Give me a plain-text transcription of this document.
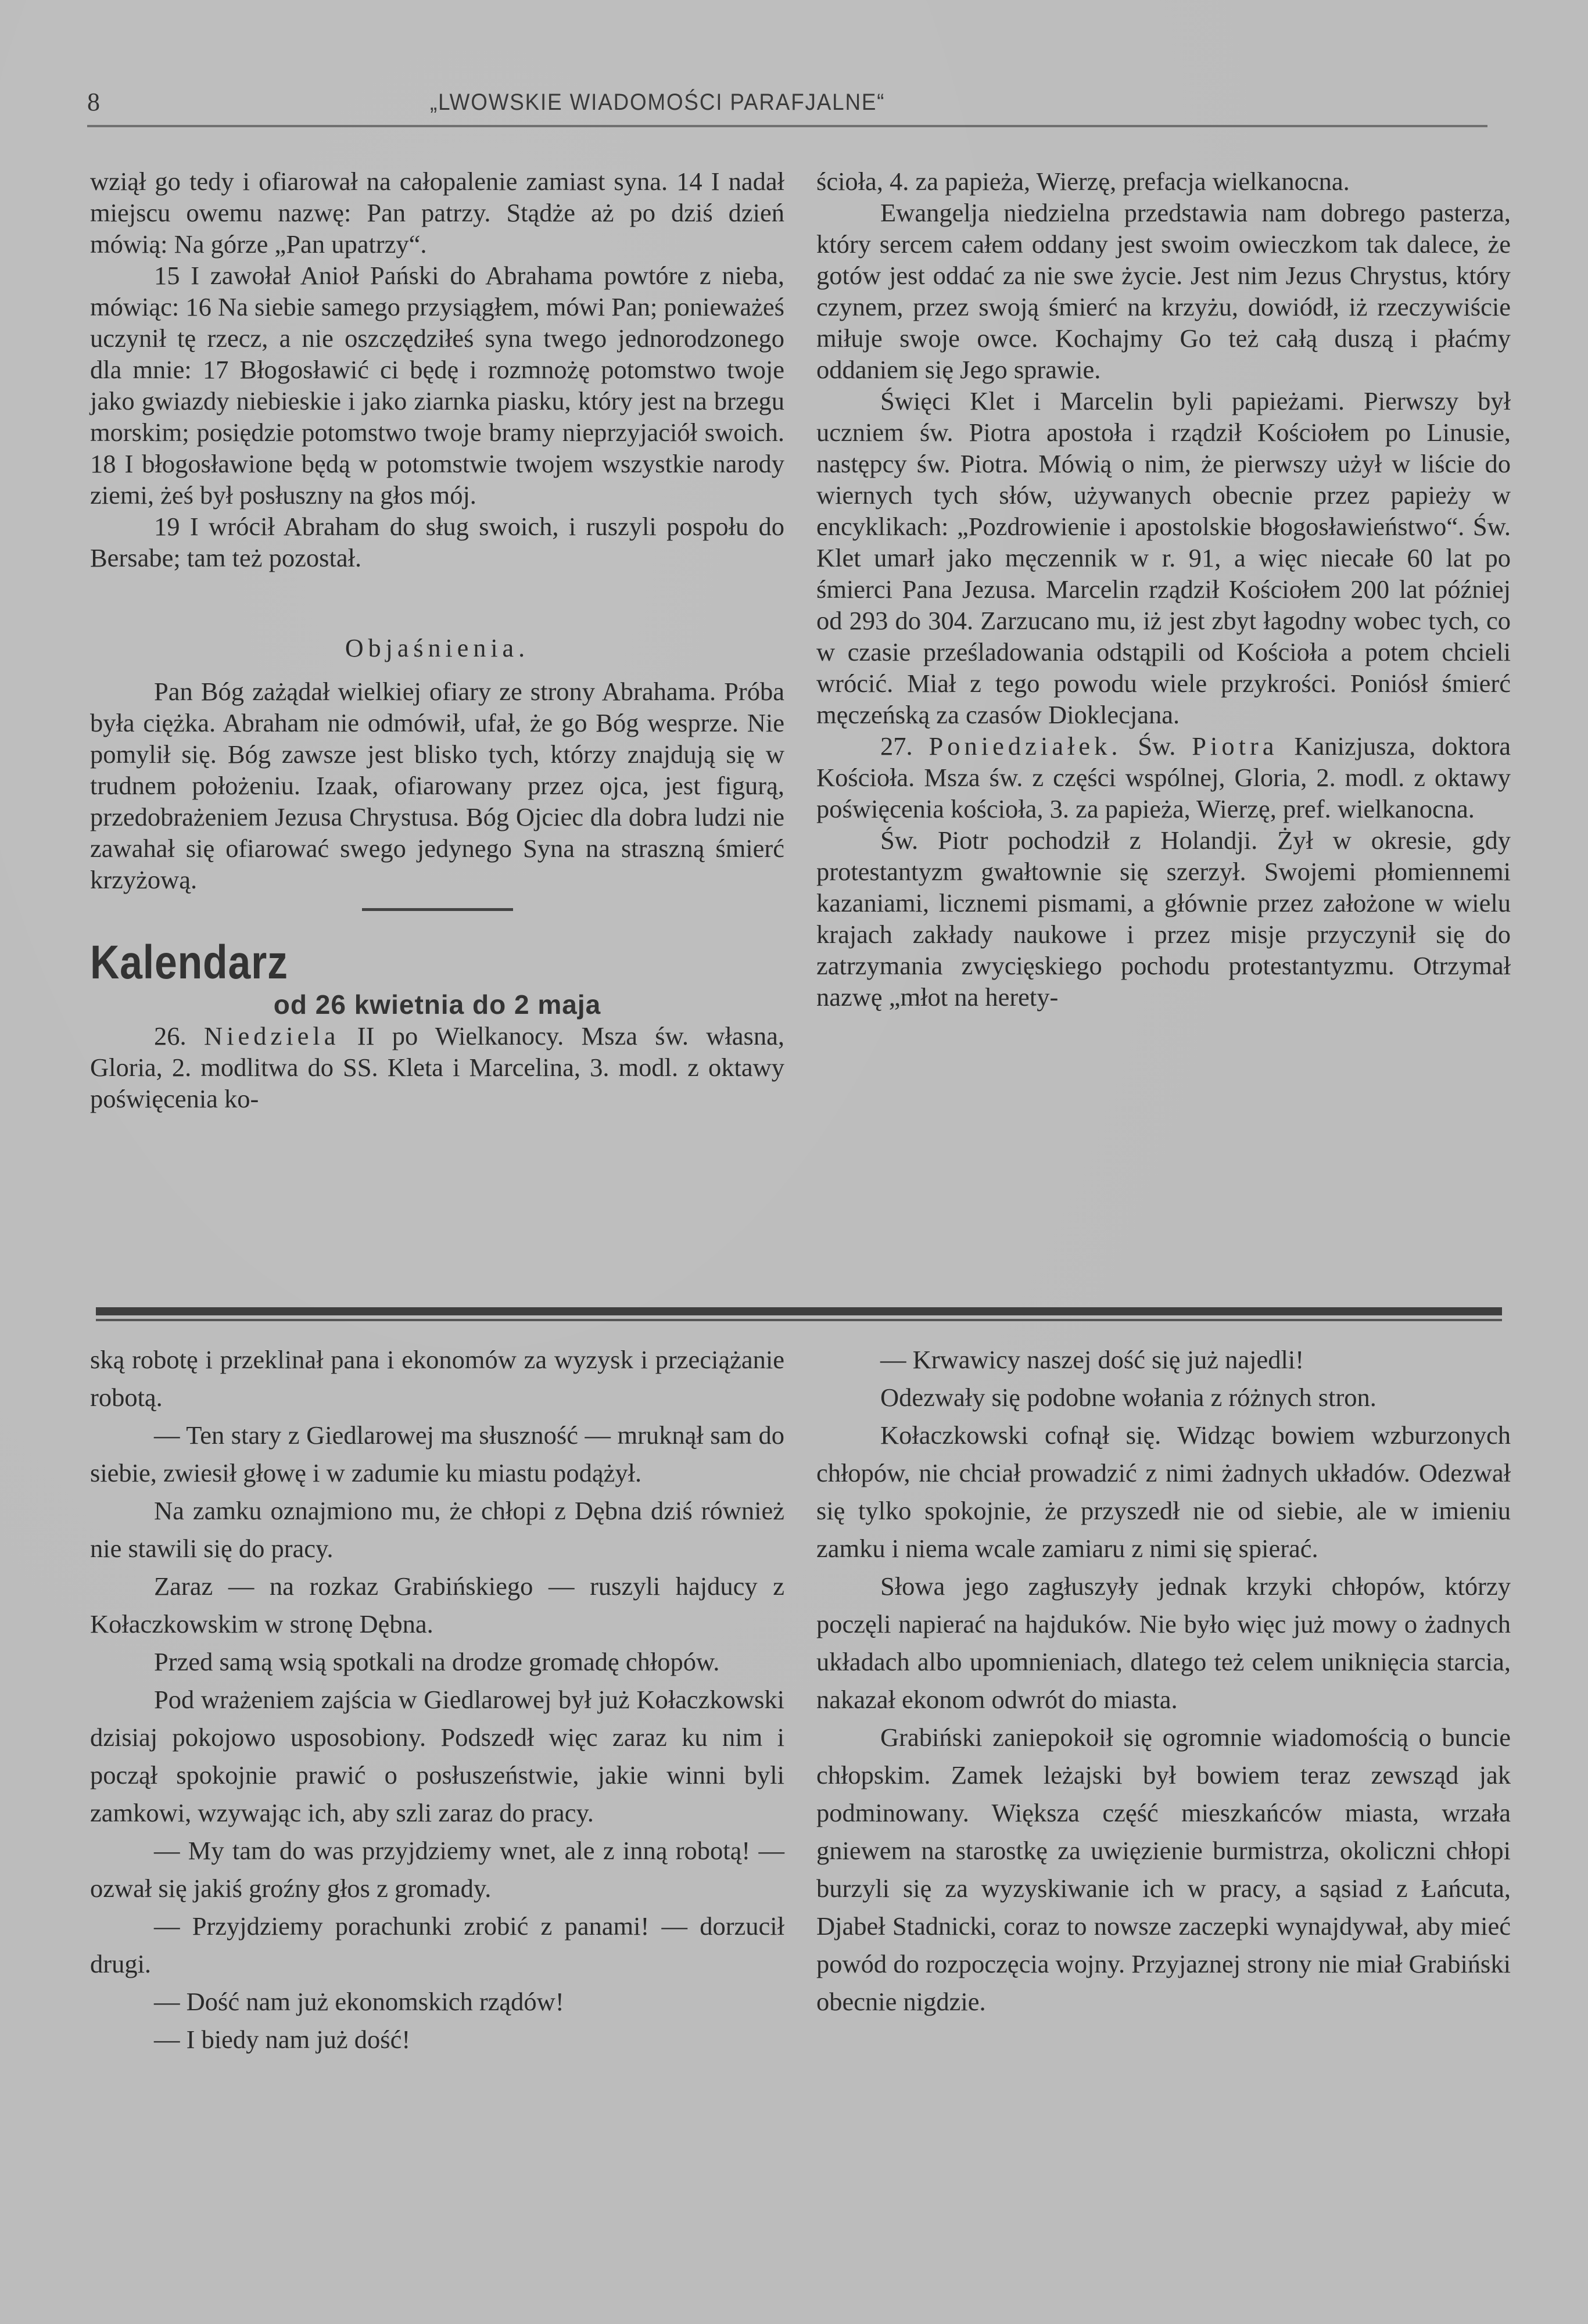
8	„LWOWSKIE WIADOMOŚCI PARAFJALNE“

wziął go tedy i ofiarował na całopalenie zamiast syna. 14 I nadał miejscu owemu nazwę: Pan patrzy. Stądże aż po dziś dzień mówią: Na górze „Pan upatrzy“.

15 I zawołał Anioł Pański do Abrahama powtóre z nieba, mówiąc: 16 Na siebie samego przysiągłem, mówi Pan; ponieważeś uczynił tę rzecz, a nie oszczędziłeś syna twego jednorodzonego dla mnie: 17 Błogosławić ci będę i rozmnożę potomstwo twoje jako gwiazdy niebieskie i jako ziarnka piasku, który jest na brzegu morskim; posiędzie potomstwo twoje bramy nieprzyjaciół swoich. 18 I błogosławione będą w potomstwie twojem wszystkie narody ziemi, żeś był posłuszny na głos mój.

19 I wrócił Abraham do sług swoich, i ruszyli pospołu do Bersabe; tam też pozostał.

Objaśnienia.

Pan Bóg zażądał wielkiej ofiary ze strony Abrahama. Próba była ciężka. Abraham nie odmówił, ufał, że go Bóg wesprze. Nie pomylił się. Bóg zawsze jest blisko tych, którzy znajdują się w trudnem położeniu. Izaak, ofiarowany przez ojca, jest figurą, przedobrażeniem Jezusa Chrystusa. Bóg Ojciec dla dobra ludzi nie zawahał się ofiarować swego jedynego Syna na straszną śmierć krzyżową.

Kalendarz

od 26 kwietnia do 2 maja

26. Niedziela II po Wielkanocy. Msza św. własna, Gloria, 2. modlitwa do SS. Kleta i Marcelina, 3. modl. z oktawy poświęcenia ko-

ścioła, 4. za papieża, Wierzę, prefacja wielkanocna.

Ewangelja niedzielna przedstawia nam dobrego pasterza, który sercem całem oddany jest swoim owieczkom tak dalece, że gotów jest oddać za nie swe życie. Jest nim Jezus Chrystus, który czynem, przez swoją śmierć na krzyżu, dowiódł, iż rzeczywiście miłuje swoje owce. Kochajmy Go też całą duszą i płaćmy oddaniem się Jego sprawie.

Święci Klet i Marcelin byli papieżami. Pierwszy był uczniem św. Piotra apostoła i rządził Kościołem po Linusie, następcy św. Piotra. Mówią o nim, że pierwszy użył w liście do wiernych tych słów, używanych obecnie przez papieży w encyklikach: „Pozdrowienie i apostolskie błogosławieństwo“. Św. Klet umarł jako męczennik w r. 91, a więc niecałe 60 lat po śmierci Pana Jezusa. Marcelin rządził Kościołem 200 lat później od 293 do 304. Zarzucano mu, iż jest zbyt łagodny wobec tych, co w czasie prześladowania odstąpili od Kościoła a potem chcieli wrócić. Miał z tego powodu wiele przykrości. Poniósł śmierć męczeńską za czasów Dioklecjana.

27. Poniedziałek. Św. Piotra Kanizjusza, doktora Kościoła. Msza św. z części wspólnej, Gloria, 2. modl. z oktawy poświęcenia kościoła, 3. za papieża, Wierzę, pref. wielkanocna.

Św. Piotr pochodził z Holandji. Żył w okresie, gdy protestantyzm gwałtownie się szerzył. Swojemi płomiennemi kazaniami, licznemi pismami, a głównie przez założone w wielu krajach zakłady naukowe i przez misje przyczynił się do zatrzymania zwycięskiego pochodu protestantyzmu. Otrzymał nazwę „młot na herety-

ską robotę i przeklinał pana i ekonomów za wyzysk i przeciążanie robotą.

— Ten stary z Giedlarowej ma słuszność — mruknął sam do siebie, zwiesił głowę i w zadumie ku miastu podążył.

Na zamku oznajmiono mu, że chłopi z Dębna dziś również nie stawili się do pracy.

Zaraz — na rozkaz Grabińskiego — ruszyli hajducy z Kołaczkowskim w stronę Dębna.

Przed samą wsią spotkali na drodze gromadę chłopów.

Pod wrażeniem zajścia w Giedlarowej był już Kołaczkowski dzisiaj pokojowo usposobiony. Podszedł więc zaraz ku nim i począł spokojnie prawić o posłuszeństwie, jakie winni byli zamkowi, wzywając ich, aby szli zaraz do pracy.

— My tam do was przyjdziemy wnet, ale z inną robotą! — ozwał się jakiś groźny głos z gromady.

— Przyjdziemy porachunki zrobić z panami! — dorzucił drugi.

— Dość nam już ekonomskich rządów!

— I biedy nam już dość!

— Krwawicy naszej dość się już najedli!

Odezwały się podobne wołania z różnych stron.

Kołaczkowski cofnął się. Widząc bowiem wzburzonych chłopów, nie chciał prowadzić z nimi żadnych układów. Odezwał się tylko spokojnie, że przyszedł nie od siebie, ale w imieniu zamku i niema wcale zamiaru z nimi się spierać.

Słowa jego zagłuszyły jednak krzyki chłopów, którzy poczęli napierać na hajduków. Nie było więc już mowy o żadnych układach albo upomnieniach, dlatego też celem uniknięcia starcia, nakazał ekonom odwrót do miasta.

Grabiński zaniepokoił się ogromnie wiadomością o buncie chłopskim. Zamek leżajski był bowiem teraz zewsząd jak podminowany. Większa część mieszkańców miasta, wrzała gniewem na starostkę za uwięzienie burmistrza, okoliczni chłopi burzyli się za wyzyskiwanie ich w pracy, a sąsiad z Łańcuta, Djabeł Stadnicki, coraz to nowsze zaczepki wynajdywał, aby mieć powód do rozpoczęcia wojny. Przyjaznej strony nie miał Grabiński obecnie nigdzie.
